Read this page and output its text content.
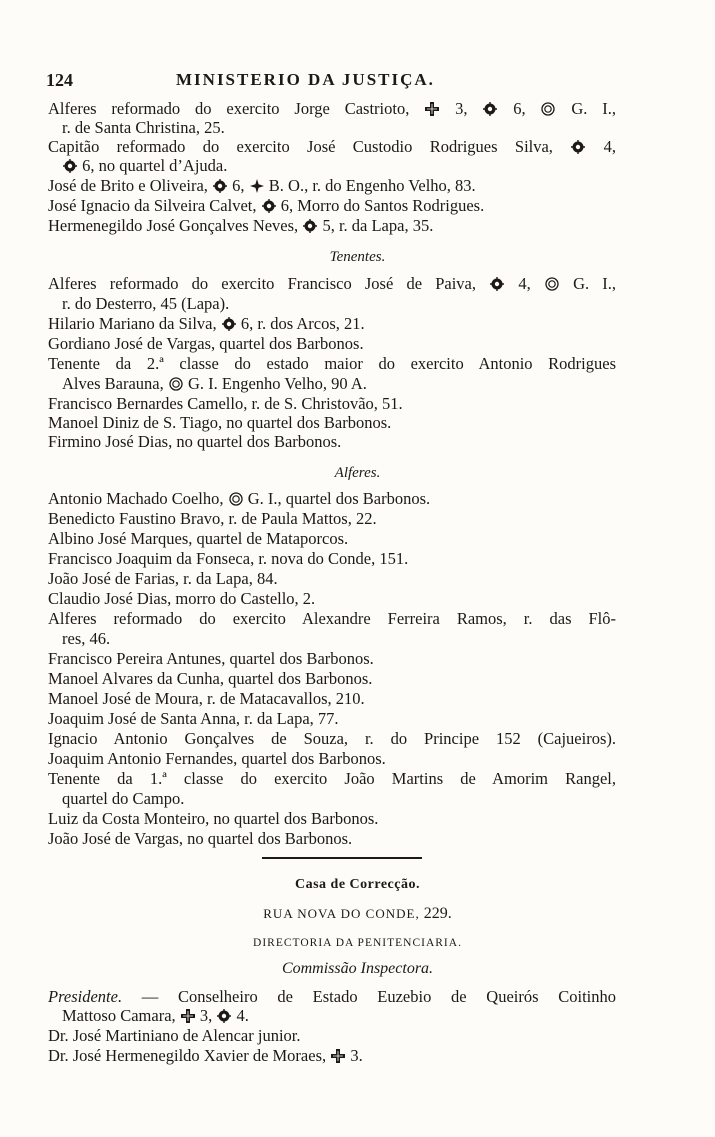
124	MINISTERIO DA JUSTIÇA.
Alferes reformado do exercito Jorge Castrioto,	3,	6,	G. I.,
r. de Santa Christina, 25.
Capitão reformado do exercito José Custodio Rodrigues Silva,	4,
6, no quartel d’Ajuda.
José de Brito e Oliveira, 6, B. O., r. do Engenho Velho, 83.
José Ignacio da Silveira Calvet, 6, Morro do Santos Rodrigues.
Hermenegildo José Gonçalves Neves, 5, r. da Lapa, 35.
Tenentes.
Alferes reformado do exercito Francisco José de Paiva,	4,	G. I.,
r. do Desterro, 45 (Lapa).
Hilario Mariano da Silva, 6, r. dos Arcos, 21.
Gordiano José de Vargas, quartel dos Barbonos.
Tenente da 2.ª classe do estado maior do exercito Antonio Rodrigues
Alves Barauna, G. I. Engenho Velho, 90 A.
Francisco Bernardes Camello, r. de S. Christovão, 51.
Manoel Diniz de S. Tiago, no quartel dos Barbonos.
Firmino José Dias, no quartel dos Barbonos.
Alferes.
Antonio Machado Coelho, G. I., quartel dos Barbonos.
Benedicto Faustino Bravo, r. de Paula Mattos, 22.
Albino José Marques, quartel de Mataporcos.
Francisco Joaquim da Fonseca, r. nova do Conde, 151.
João José de Farias, r. da Lapa, 84.
Claudio José Dias, morro do Castello, 2.
Alferes reformado do exercito Alexandre Ferreira Ramos, r. das Flô-
res, 46.
Francisco Pereira Antunes, quartel dos Barbonos.
Manoel Alvares da Cunha, quartel dos Barbonos.
Manoel José de Moura, r. de Matacavallos, 210.
Joaquim José de Santa Anna, r. da Lapa, 77.
Ignacio Antonio Gonçalves de Souza, r. do Principe 152 (Cajueiros).
Joaquim Antonio Fernandes, quartel dos Barbonos.
Tenente da 1.ª classe do exercito João Martins de Amorim Rangel,
quartel do Campo.
Luiz da Costa Monteiro, no quartel dos Barbonos.
João José de Vargas, no quartel dos Barbonos.
Casa de Correcção.
RUA NOVA DO CONDE, 229.
DIRECTORIA DA PENITENCIARIA.
Commissão Inspectora.
Presidente. — Conselheiro de Estado Euzebio de Queirós Coitinho
Mattoso Camara, 3, 4.
Dr. José Martiniano de Alencar junior.
Dr. José Hermenegildo Xavier de Moraes, 3.
